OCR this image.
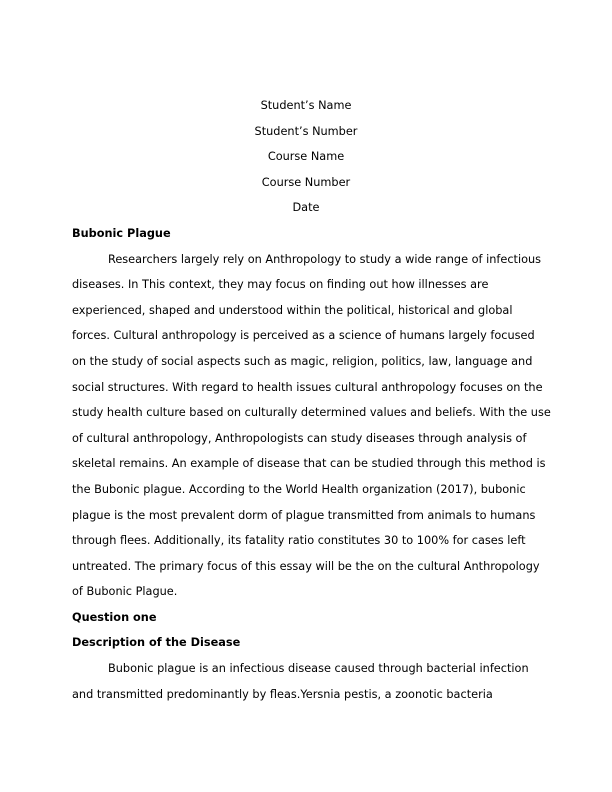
Student’s Name

Student’s Number

Course Name

Course Number

Date

Bubonic Plague

Researchers largely rely on Anthropology to study a wide range of infectious

diseases. In This context, they may focus on finding out how illnesses are

experienced, shaped and understood within the political, historical and global

forces. Cultural anthropology is perceived as a science of humans largely focused

on the study of social aspects such as magic, religion, politics, law, language and

social structures. With regard to health issues cultural anthropology focuses on the

study health culture based on culturally determined values and beliefs. With the use

of cultural anthropology, Anthropologists can study diseases through analysis of

skeletal remains. An example of disease that can be studied through this method is

the Bubonic plague. According to the World Health organization (2017), bubonic

plague is the most prevalent dorm of plague transmitted from animals to humans

through flees. Additionally, its fatality ratio constitutes 30 to 100% for cases left

untreated. The primary focus of this essay will be the on the cultural Anthropology

of Bubonic Plague.

Question one

Description of the Disease

Bubonic plague is an infectious disease caused through bacterial infection

and transmitted predominantly by fleas.Yersnia pestis, a zoonotic bacteria
